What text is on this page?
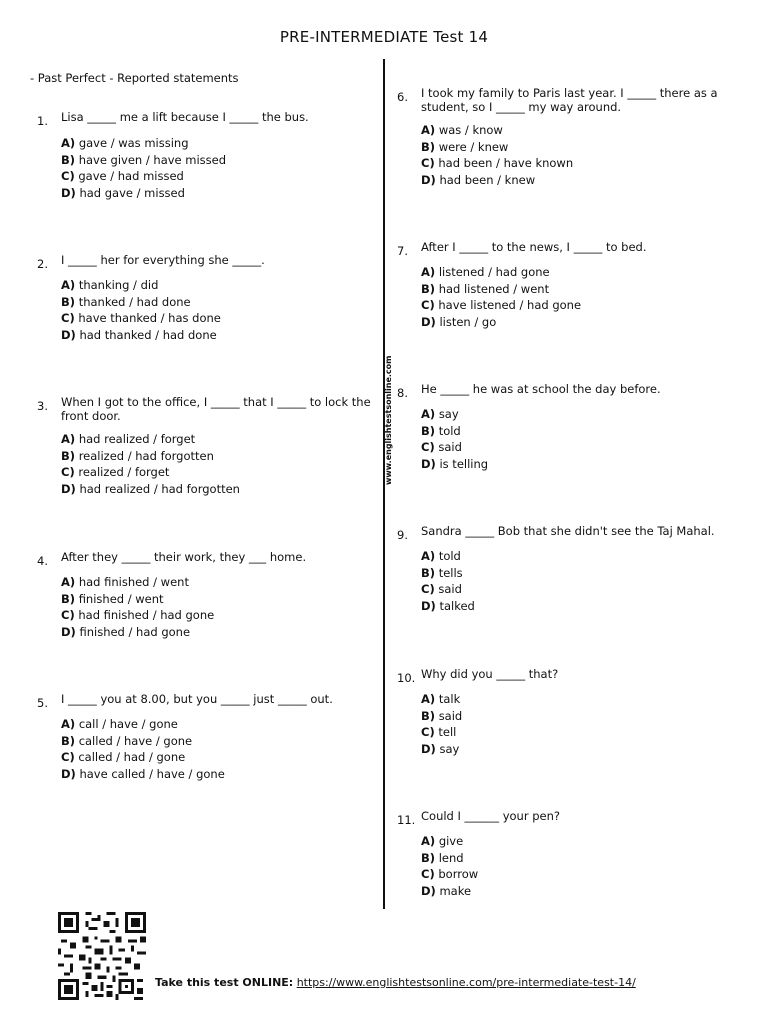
PRE-INTERMEDIATE Test 14
- Past Perfect - Reported statements
www.englishtestsonline.com
1. Lisa _____ me a lift because I _____ the bus.
A) gave / was missing
B) have given / have missed
C) gave / had missed
D) had gave / missed
2. I _____ her for everything she _____.
A) thanking / did
B) thanked / had done
C) have thanked / has done
D) had thanked / had done
3. When I got to the office, I _____ that I _____ to lock the front door.
A) had realized / forget
B) realized / had forgotten
C) realized / forget
D) had realized / had forgotten
4. After they _____ their work, they ___ home.
A) had finished / went
B) finished / went
C) had finished / had gone
D) finished / had gone
5. I _____ you at 8.00, but you _____ just _____ out.
A) call / have / gone
B) called / have / gone
C) called / had / gone
D) have called / have / gone
6. I took my family to Paris last year. I _____ there as a student, so I _____ my way around.
A) was / know
B) were / knew
C) had been / have known
D) had been / knew
7. After I _____ to the news, I _____ to bed.
A) listened / had gone
B) had listened / went
C) have listened / had gone
D) listen / go
8. He _____ he was at school the day before.
A) say
B) told
C) said
D) is telling
9. Sandra _____ Bob that she didn't see the Taj Mahal.
A) told
B) tells
C) said
D) talked
10. Why did you _____ that?
A) talk
B) said
C) tell
D) say
11. Could I ______ your pen?
A) give
B) lend
C) borrow
D) make
Take this test ONLINE: https://www.englishtestsonline.com/pre-intermediate-test-14/
